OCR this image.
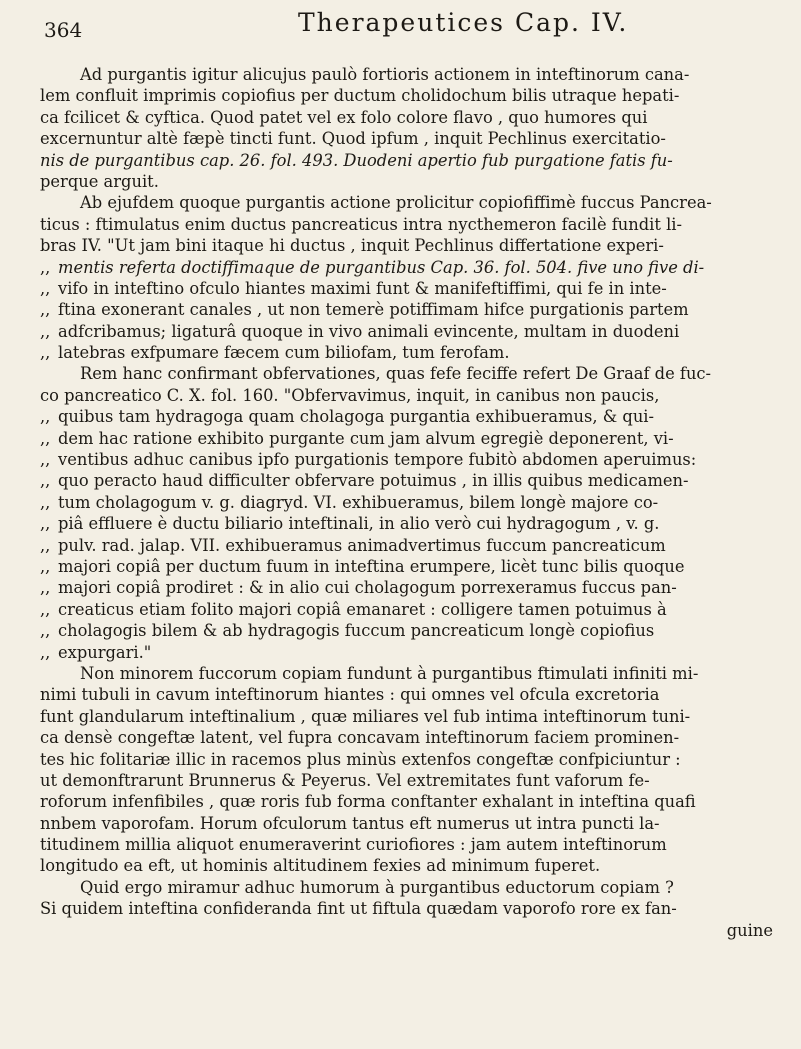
364	Therapeutices Cap. IV.
Ad purgantis igitur alicujus paulò fortioris actionem in inteftinorum cana-
lem confluit imprimis copiofius per ductum cholidochum bilis utraque hepati-
ca fcilicet & cyftica. Quod patet vel ex folo colore flavo , quo humores qui
excernuntur altè fæpè tincti funt. Quod ipfum , inquit Pechlinus exercitatio-
nis de purgantibus cap. 26. fol. 493. Duodeni apertio fub purgatione fatis fu-
perque arguit.
Ab ejufdem quoque purgantis actione prolicitur copiofiffimè fuccus Pancrea-
ticus : ftimulatus enim ductus pancreaticus intra nycthemeron facilè fundit li-
bras IV. "Ut jam bini itaque hi ductus , inquit Pechlinus differtatione experi-
,, mentis referta doctiffimaque de purgantibus Cap. 36. fol. 504. five uno five di-
,, vifo in inteftino ofculo hiantes maximi funt & manifeftiffimi, qui fe in inte-
,, ftina exonerant canales , ut non temerè potiffimam hifce purgationis partem
,, adfcribamus; ligaturâ quoque in vivo animali evincente, multam in duodeni
,, latebras exfpumare fæcem cum biliofam, tum ferofam.
Rem hanc confirmant obfervationes, quas fefe feciffe refert De Graaf de fuc-
co pancreatico C. X. fol. 160. "Obfervavimus, inquit, in canibus non paucis,
,, quibus tam hydragoga quam cholagoga purgantia exhibueramus, & qui-
,, dem hac ratione exhibito purgante cum jam alvum egregiè deponerent, vi-
,, ventibus adhuc canibus ipfo purgationis tempore fubitò abdomen aperuimus:
,, quo peracto haud difficulter obfervare potuimus , in illis quibus medicamen-
,, tum cholagogum v. g. diagryd. VI. exhibueramus, bilem longè majore co-
,, piâ effluere è ductu biliario inteftinali, in alio verò cui hydragogum , v. g.
,, pulv. rad. jalap. VII. exhibueramus animadvertimus fuccum pancreaticum
,, majori copiâ per ductum fuum in inteftina erumpere, licèt tunc bilis quoque
,, majori copiâ prodiret : & in alio cui cholagogum porrexeramus fuccus pan-
,, creaticus etiam folito majori copiâ emanaret : colligere tamen potuimus à
,, cholagogis bilem & ab hydragogis fuccum pancreaticum longè copiofius
,, expurgari."
Non minorem fuccorum copiam fundunt à purgantibus ftimulati infiniti mi-
nimi tubuli in cavum inteftinorum hiantes : qui omnes vel ofcula excretoria
funt glandularum inteftinalium , quæ miliares vel fub intima inteftinorum tuni-
ca densè congeftæ latent, vel fupra concavam inteftinorum faciem prominen-
tes hic folitariæ illic in racemos plus minùs extenfos congeftæ confpiciuntur :
ut demonftrarunt Brunnerus & Peyerus. Vel extremitates funt vaforum fe-
roforum infenfibiles , quæ roris fub forma conftanter exhalant in inteftina quafi
nnbem vaporofam. Horum ofculorum tantus eft numerus ut intra puncti la-
titudinem millia aliquot enumeraverint curiofiores : jam autem inteftinorum
longitudo ea eft, ut hominis altitudinem fexies ad minimum fuperet.
Quid ergo miramur adhuc humorum à purgantibus eductorum copiam ?
Si quidem inteftina confideranda fint ut fiftula quædam vaporofo rore ex fan-
guine
